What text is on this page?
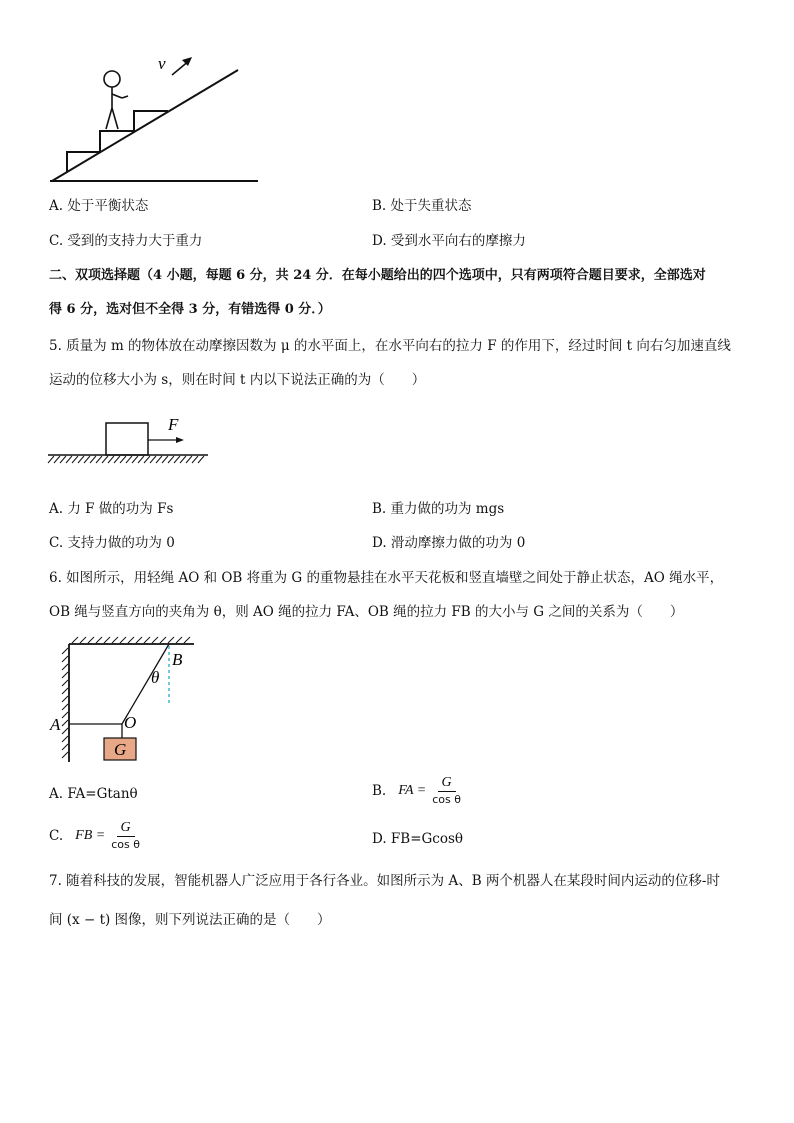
v
A. 处于平衡状态	B. 处于失重状态
C. 受到的支持力大于重力	D. 受到水平向右的摩擦力
二、双项选择题（4 小题，每题 6 分，共 24 分．在每小题给出的四个选项中，只有两项符合题目要求，全部选对
得 6 分，选对但不全得 3 分，有错选得 0 分．）
5. 质量为 m 的物体放在动摩擦因数为 μ 的水平面上，在水平向右的拉力 F 的作用下，经过时间 t 向右匀加速直线
运动的位移大小为 s，则在时间 t 内以下说法正确的为（　　）
F
A. 力 F 做的功为 Fs	B. 重力做的功为 mgs
C. 支持力做的功为 0	D. 滑动摩擦力做的功为 0
6. 如图所示，用轻绳 AO 和 OB 将重为 G 的重物悬挂在水平天花板和竖直墙壁之间处于静止状态，AO 绳水平，
OB 绳与竖直方向的夹角为 θ，则 AO 绳的拉力 FA、OB 绳的拉力 FB 的大小与 G 之间的关系为（　　）
G
B
θ
A	O
A. FA=Gtanθ	B. FA = $\frac{G}{\text{cos θ}}$
C. FB = $\frac{G}{\text{cos θ}}$	D. FB=Gcosθ
7. 随着科技的发展，智能机器人广泛应用于各行各业。如图所示为 A、B 两个机器人在某段时间内运动的位移-时
间 (x − t) 图像，则下列说法正确的是（　　）
